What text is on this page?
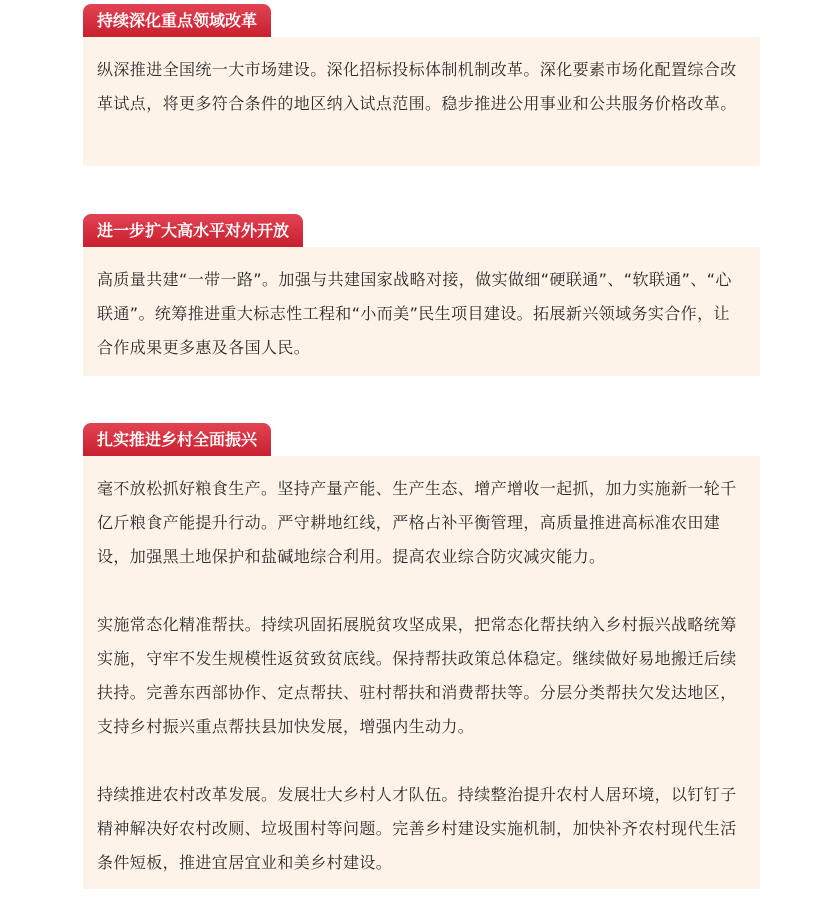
持续深化重点领域改革

纵深推进全国统一大市场建设。深化招标投标体制机制改革。深化要素市场化配置综合改革试点，将更多符合条件的地区纳入试点范围。稳步推进公用事业和公共服务价格改革。

进一步扩大高水平对外开放

高质量共建“一带一路”。加强与共建国家战略对接，做实做细“硬联通”、“软联通”、“心联通”。统筹推进重大标志性工程和“小而美”民生项目建设。拓展新兴领域务实合作，让合作成果更多惠及各国人民。

扎实推进乡村全面振兴

毫不放松抓好粮食生产。坚持产量产能、生产生态、增产增收一起抓，加力实施新一轮千亿斤粮食产能提升行动。严守耕地红线，严格占补平衡管理，高质量推进高标准农田建设，加强黑土地保护和盐碱地综合利用。提高农业综合防灾减灾能力。

实施常态化精准帮扶。持续巩固拓展脱贫攻坚成果，把常态化帮扶纳入乡村振兴战略统筹实施，守牢不发生规模性返贫致贫底线。保持帮扶政策总体稳定。继续做好易地搬迁后续扶持。完善东西部协作、定点帮扶、驻村帮扶和消费帮扶等。分层分类帮扶欠发达地区，支持乡村振兴重点帮扶县加快发展，增强内生动力。

持续推进农村改革发展。发展壮大乡村人才队伍。持续整治提升农村人居环境，以钉钉子精神解决好农村改厕、垃圾围村等问题。完善乡村建设实施机制，加快补齐农村现代生活条件短板，推进宜居宜业和美乡村建设。
